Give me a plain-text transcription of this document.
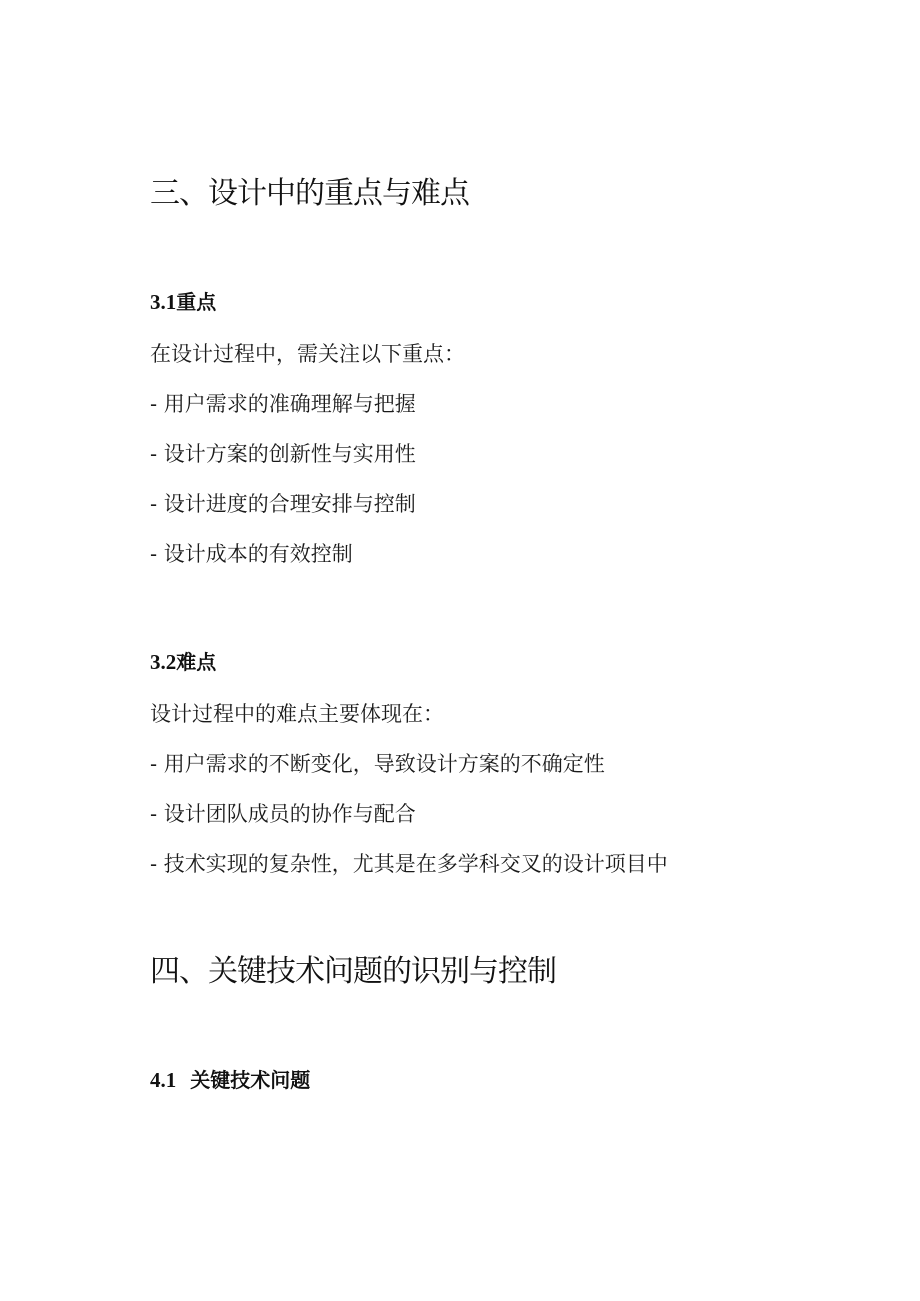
三、设计中的重点与难点
3.1重点

在设计过程中，需关注以下重点：

- 用户需求的准确理解与把握

- 设计方案的创新性与实用性

- 设计进度的合理安排与控制

- 设计成本的有效控制

3.2难点

设计过程中的难点主要体现在：

- 用户需求的不断变化，导致设计方案的不确定性

- 设计团队成员的协作与配合

- 技术实现的复杂性，尤其是在多学科交叉的设计项目中

四、关键技术问题的识别与控制
4.1 关键技术问题
